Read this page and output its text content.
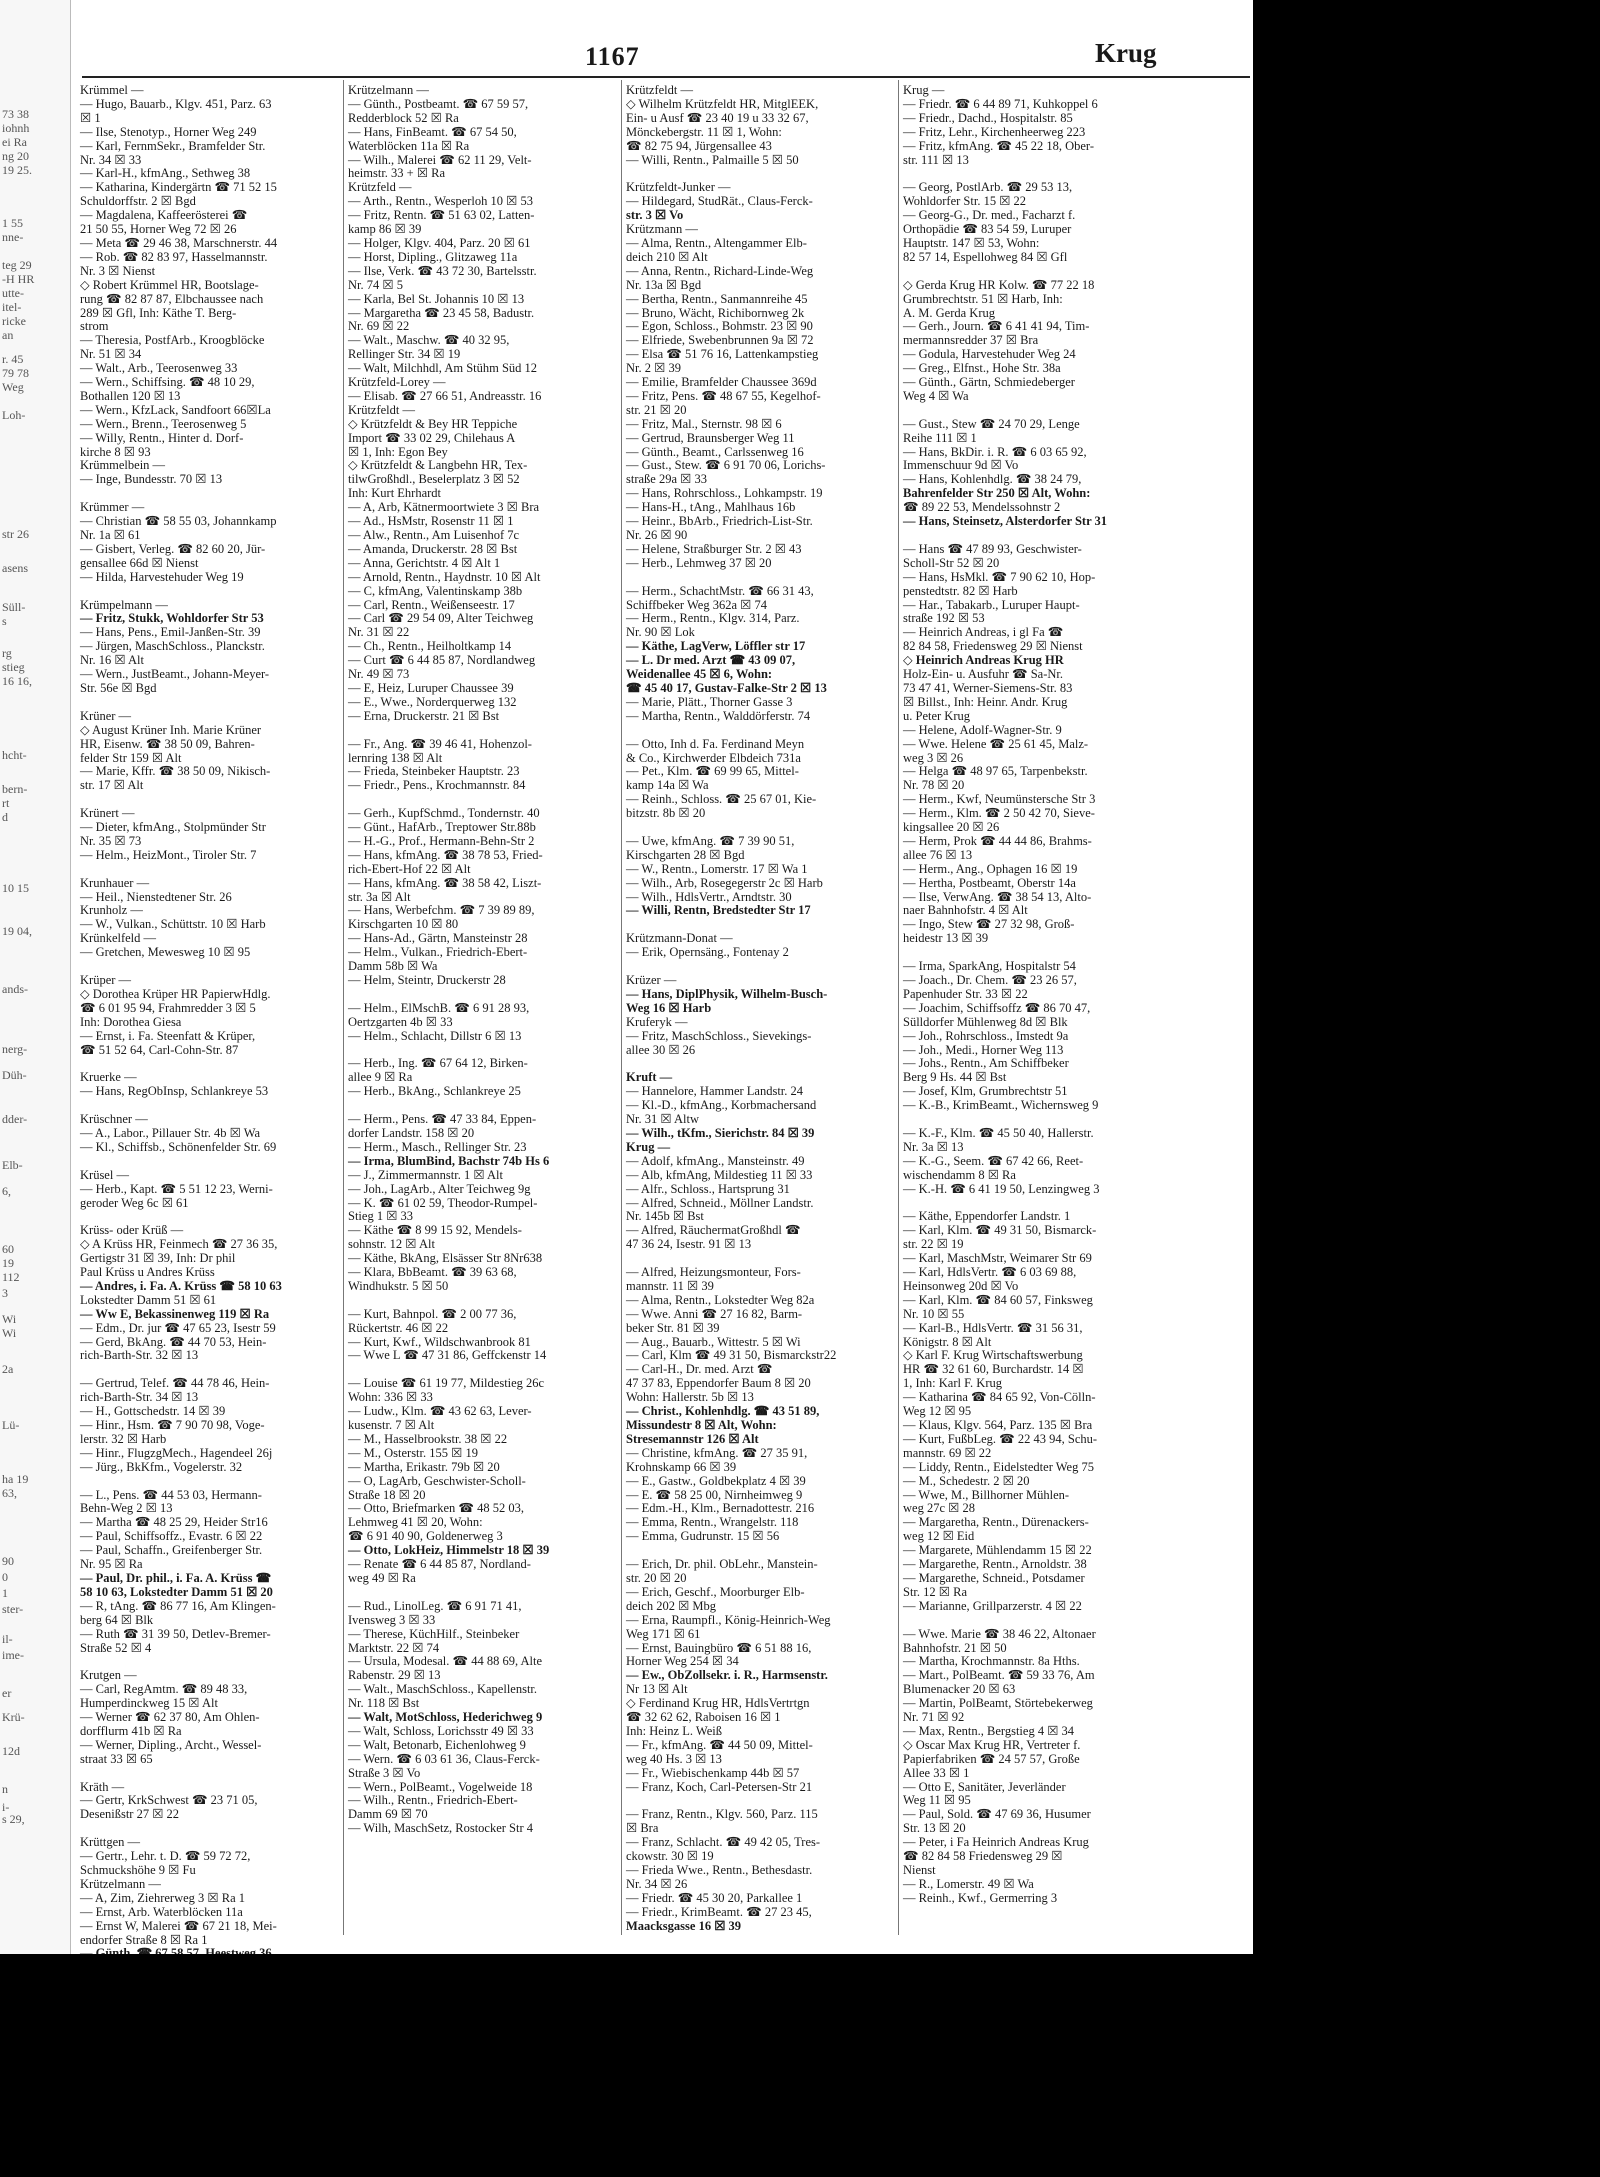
73 38
iohnh
ei Ra
ng 20
19 25.
1 55
nne-
teg 29
-H HR
utte-
itel-
ricke
an
r. 45
79 78
Weg
Loh-
str 26
asens
Süll-
s
rg
stieg
16 16,
hcht-
bern-
rt
d
10 15
19 04,
ands-
nerg-
Düh-
dder-
Elb-
6,
60
19
112
3
Wi
Wi
2a
Lü-
ha 19
63,
90
0
1
ster-
il-
ime-
er
Krü-
12d
n
i-
s 29,
1167	Krug
Krümmel —
— Hugo, Bauarb., Klgv. 451, Parz. 63
☒ 1
— Ilse, Stenotyp., Horner Weg 249
— Karl, FernmSekr., Bramfelder Str.
Nr. 34 ☒ 33
— Karl-H., kfmAng., Sethweg 38
— Katharina, Kindergärtn ☎ 71 52 15
Schuldorffstr. 2 ☒ Bgd
— Magdalena, Kaffeerösterei ☎
21 50 55, Horner Weg 72 ☒ 26
— Meta ☎ 29 46 38, Marschnerstr. 44
— Rob. ☎ 82 83 97, Hasselmannstr.
Nr. 3 ☒ Nienst
◇ Robert Krümmel HR, Bootslage-
rung ☎ 82 87 87, Elbchaussee nach
289 ☒ Gfl, Inh: Käthe T. Berg-
strom
— Theresia, PostfArb., Kroogblöcke
Nr. 51 ☒ 34
— Walt., Arb., Teerosenweg 33
— Wern., Schiffsing. ☎ 48 10 29,
Bothallen 120 ☒ 13
— Wern., KfzLack, Sandfoort 66☒La
— Wern., Brenn., Teerosenweg 5
— Willy, Rentn., Hinter d. Dorf-
kirche 8 ☒ 93
Krümmelbein —
— Inge, Bundesstr. 70 ☒ 13

Krümmer —
— Christian ☎ 58 55 03, Johannkamp
Nr. 1a ☒ 61
— Gisbert, Verleg. ☎ 82 60 20, Jür-
gensallee 66d ☒ Nienst
— Hilda, Harvestehuder Weg 19

Krümpelmann —
— Fritz, Stukk, Wohldorfer Str 53
— Hans, Pens., Emil-Janßen-Str. 39
— Jürgen, MaschSchloss., Planckstr.
Nr. 16 ☒ Alt
— Wern., JustBeamt., Johann-Meyer-
Str. 56e ☒ Bgd

Krüner —
◇ August Krüner Inh. Marie Krüner
HR, Eisenw. ☎ 38 50 09, Bahren-
felder Str 159 ☒ Alt
— Marie, Kffr. ☎ 38 50 09, Nikisch-
str. 17 ☒ Alt

Krünert —
— Dieter, kfmAng., Stolpmünder Str
Nr. 35 ☒ 73
— Helm., HeizMont., Tiroler Str. 7

Krunhauer —
— Heil., Nienstedtener Str. 26
Krunholz —
— W., Vulkan., Schüttstr. 10 ☒ Harb
Krünkelfeld —
— Gretchen, Mewesweg 10 ☒ 95

Krüper —
◇ Dorothea Krüper HR PapierwHdlg.
☎ 6 01 95 94, Frahmredder 3 ☒ 5
Inh: Dorothea Giesa
— Ernst, i. Fa. Steenfatt & Krüper,
☎ 51 52 64, Carl-Cohn-Str. 87

Kruerke —
— Hans, RegObInsp, Schlankreye 53

Krüschner —
— A., Labor., Pillauer Str. 4b ☒ Wa
— Kl., Schiffsb., Schönenfelder Str. 69

Krüsel —
— Herb., Kapt. ☎ 5 51 12 23, Werni-
geroder Weg 6c ☒ 61

Krüss- oder Krüß —
◇ A Krüss HR, Feinmech ☎ 27 36 35,
Gertigstr 31 ☒ 39, Inh: Dr phil
Paul Krüss u Andres Krüss
— Andres, i. Fa. A. Krüss ☎ 58 10 63
Lokstedter Damm 51 ☒ 61
— Ww E, Bekassinenweg 119 ☒ Ra
— Edm., Dr. jur ☎ 47 65 23, Isestr 59
— Gerd, BkAng. ☎ 44 70 53, Hein-
rich-Barth-Str. 32 ☒ 13

— Gertrud, Telef. ☎ 44 78 46, Hein-
rich-Barth-Str. 34 ☒ 13
— H., Gottschedstr. 14 ☒ 39
— Hinr., Hsm. ☎ 7 90 70 98, Voge-
lerstr. 32 ☒ Harb
— Hinr., FlugzgMech., Hagendeel 26j
— Jürg., BkKfm., Vogelerstr. 32

— L., Pens. ☎ 44 53 03, Hermann-
Behn-Weg 2 ☒ 13
— Martha ☎ 48 25 29, Heider Str16
— Paul, Schiffsoffz., Evastr. 6 ☒ 22
— Paul, Schaffn., Greifenberger Str.
Nr. 95 ☒ Ra
— Paul, Dr. phil., i. Fa. A. Krüss ☎
58 10 63, Lokstedter Damm 51 ☒ 20
— R, tAng. ☎ 86 77 16, Am Klingen-
berg 64 ☒ Blk
— Ruth ☎ 31 39 50, Detlev-Bremer-
Straße 52 ☒ 4

Krutgen —
— Carl, RegAmtm. ☎ 89 48 33,
Humperdinckweg 15 ☒ Alt
— Werner ☎ 62 37 80, Am Ohlen-
dorfflurm 41b ☒ Ra
— Werner, Dipling., Archt., Wessel-
straat 33 ☒ 65

Kräth —
— Gertr, KrkSchwest ☎ 23 71 05,
Desenißstr 27 ☒ 22

Krüttgen —
— Gertr., Lehr. t. D. ☎ 59 72 72,
Schmuckshöhe 9 ☒ Fu
Krützelmann —
— A, Zim, Ziehrerweg 3 ☒ Ra 1
— Ernst, Arb. Waterblöcken 11a
— Ernst W, Malerei ☎ 67 21 18, Mei-
endorfer Straße 8 ☒ Ra 1
Krützelmann —
— Günth., Postbeamt. ☎ 67 59 57,
Redderblock 52 ☒ Ra
— Hans, FinBeamt. ☎ 67 54 50,
Waterblöcken 11a ☒ Ra
— Wilh., Malerei ☎ 62 11 29, Velt-
heimstr. 33 + ☒ Ra
Krützfeld —
— Arth., Rentn., Wesperloh 10 ☒ 53
— Fritz, Rentn. ☎ 51 63 02, Latten-
kamp 86 ☒ 39
— Holger, Klgv. 404, Parz. 20 ☒ 61
— Horst, Dipling., Glitzaweg 11a
— Ilse, Verk. ☎ 43 72 30, Bartelsstr.
Nr. 74 ☒ 5
— Karla, Bel St. Johannis 10 ☒ 13
— Margaretha ☎ 23 45 58, Badustr.
Nr. 69 ☒ 22
— Walt., Maschw. ☎ 40 32 95,
Rellinger Str. 34 ☒ 19
— Walt, Milchhdl, Am Stühm Süd 12
Krützfeld-Lorey —
— Elisab. ☎ 27 66 51, Andreasstr. 16
Krützfeldt —
◇ Krützfeldt & Bey HR Teppiche
Import ☎ 33 02 29, Chilehaus A
☒ 1, Inh: Egon Bey
◇ Krützfeldt & Langbehn HR, Tex-
tilwGroßhdl., Beselerplatz 3 ☒ 52
Inh: Kurt Ehrhardt
— A, Arb, Kätnermoortwiete 3 ☒ Bra
— Ad., HsMstr, Rosenstr 11 ☒ 1
— Alw., Rentn., Am Luisenhof 7c
— Amanda, Druckerstr. 28 ☒ Bst
— Anna, Gerichtstr. 4 ☒ Alt 1
— Arnold, Rentn., Haydnstr. 10 ☒ Alt
— C, kfmAng, Valentinskamp 38b
— Carl, Rentn., Weißenseestr. 17
— Carl ☎ 29 54 09, Alter Teichweg
Nr. 31 ☒ 22
— Ch., Rentn., Heilholtkamp 14
— Curt ☎ 6 44 85 87, Nordlandweg
Nr. 49 ☒ 73
— E, Heiz, Luruper Chaussee 39
— E., Wwe., Norderquerweg 132
— Erna, Druckerstr. 21 ☒ Bst

— Fr., Ang. ☎ 39 46 41, Hohenzol-
lernring 138 ☒ Alt
— Frieda, Steinbeker Hauptstr. 23
— Friedr., Pens., Krochmannstr. 84

— Gerh., KupfSchmd., Tondernstr. 40
— Günt., HafArb., Treptower Str.88b
— H.-G., Prof., Hermann-Behn-Str 2
— Hans, kfmAng. ☎ 38 78 53, Fried-
rich-Ebert-Hof 22 ☒ Alt
— Hans, kfmAng. ☎ 38 58 42, Liszt-
str. 3a ☒ Alt
— Hans, Werbefchm. ☎ 7 39 89 89,
Kirschgarten 10 ☒ 80
— Hans-Ad., Gärtn, Mansteinstr 28
— Helm., Vulkan., Friedrich-Ebert-
Damm 58b ☒ Wa
— Helm, Steintr, Druckerstr 28

— Helm., ElMschB. ☎ 6 91 28 93,
Oertzgarten 4b ☒ 33
— Helm., Schlacht, Dillstr 6 ☒ 13

— Herb., Ing. ☎ 67 64 12, Birken-
allee 9 ☒ Ra
— Herb., BkAng., Schlankreye 25

— Herm., Pens. ☎ 47 33 84, Eppen-
dorfer Landstr. 158 ☒ 20
— Herm., Masch., Rellinger Str. 23
— Irma, BlumBind, Bachstr 74b Hs 6
— J., Zimmermannstr. 1 ☒ Alt
— Joh., LagArb., Alter Teichweg 9g
— K. ☎ 61 02 59, Theodor-Rumpel-
Stieg 1 ☒ 33
— Käthe ☎ 8 99 15 92, Mendels-
sohnstr. 12 ☒ Alt
— Käthe, BkAng, Elsässer Str 8Nr638
— Klara, BbBeamt. ☎ 39 63 68,
Windhukstr. 5 ☒ 50

— Kurt, Bahnpol. ☎ 2 00 77 36,
Rückertstr. 46 ☒ 22
— Kurt, Kwf., Wildschwanbrook 81
— Wwe L ☎ 47 31 86, Geffckenstr 14

— Louise ☎ 61 19 77, Mildestieg 26c
Wohn: 336 ☒ 33
— Ludw., Klm. ☎ 43 62 63, Lever-
kusenstr. 7 ☒ Alt
— M., Hasselbrookstr. 38 ☒ 22
— M., Osterstr. 155 ☒ 19
— Martha, Erikastr. 79b ☒ 20
— O, LagArb, Geschwister-Scholl-
Straße 18 ☒ 20
— Otto, Briefmarken ☎ 48 52 03,
Lehmweg 41 ☒ 20, Wohn:
☎ 6 91 40 90, Goldenerweg 3
— Otto, LokHeiz, Himmelstr 18 ☒ 39
— Renate ☎ 6 44 85 87, Nordland-
weg 49 ☒ Ra

— Rud., LinolLeg. ☎ 6 91 71 41,
Ivensweg 3 ☒ 33
— Therese, KüchHilf., Steinbeker
Marktstr. 22 ☒ 74
— Ursula, Modesal. ☎ 44 88 69, Alte
Rabenstr. 29 ☒ 13
— Walt., MaschSchloss., Kapellenstr.
Nr. 118 ☒ Bst
— Walt, MotSchloss, Hederichweg 9
— Walt, Schloss, Lorichsstr 49 ☒ 33
— Walt, Betonarb, Eichenlohweg 9
— Wern. ☎ 6 03 61 36, Claus-Ferck-
Straße 3 ☒ Vo
— Wern., PolBeamt., Vogelweide 18
— Wilh., Rentn., Friedrich-Ebert-
Damm 69 ☒ 70
— Wilh, MaschSetz, Rostocker Str 4
Krützfeldt —
◇ Wilhelm Krützfeldt HR, MitglEEK,
Ein- u Ausf ☎ 23 40 19 u 33 32 67,
Mönckebergstr. 11 ☒ 1, Wohn:
☎ 82 75 94, Jürgensallee 43
— Willi, Rentn., Palmaille 5 ☒ 50

Krützfeldt-Junker —
— Hildegard, StudRät., Claus-Ferck-
str. 3 ☒ Vo
Krützmann —
— Alma, Rentn., Altengammer Elb-
deich 210 ☒ Alt
— Anna, Rentn., Richard-Linde-Weg
Nr. 13a ☒ Bgd
— Bertha, Rentn., Sanmannreihe 45
— Bruno, Wächt, Richibornweg 2k
— Egon, Schloss., Bohmstr. 23 ☒ 90
— Elfriede, Swebenbrunnen 9a ☒ 72
— Elsa ☎ 51 76 16, Lattenkampstieg
Nr. 2 ☒ 39
— Emilie, Bramfelder Chaussee 369d
— Fritz, Pens. ☎ 48 67 55, Kegelhof-
str. 21 ☒ 20
— Fritz, Mal., Sternstr. 98 ☒ 6
— Gertrud, Braunsberger Weg 11
— Günth., Beamt., Carlssenweg 16
— Gust., Stew. ☎ 6 91 70 06, Lorichs-
straße 29a ☒ 33
— Hans, Rohrschloss., Lohkampstr. 19
— Hans-H., tAng., Mahlhaus 16b
— Heinr., BbArb., Friedrich-List-Str.
Nr. 26 ☒ 90
— Helene, Straßburger Str. 2 ☒ 43
— Herb., Lehmweg 37 ☒ 20

— Herm., SchachtMstr. ☎ 66 31 43,
Schiffbeker Weg 362a ☒ 74
— Herm., Rentn., Klgv. 314, Parz.
Nr. 90 ☒ Lok
— Käthe, LagVerw, Löffler str 17
— L. Dr med. Arzt ☎ 43 09 07,
Weidenallee 45 ☒ 6, Wohn:
☎ 45 40 17, Gustav-Falke-Str 2 ☒ 13
— Marie, Plätt., Thorner Gasse 3
— Martha, Rentn., Walddörferstr. 74

— Otto, Inh d. Fa. Ferdinand Meyn
& Co., Kirchwerder Elbdeich 731a
— Pet., Klm. ☎ 69 99 65, Mittel-
kamp 14a ☒ Wa
— Reinh., Schloss. ☎ 25 67 01, Kie-
bitzstr. 8b ☒ 20

— Uwe, kfmAng. ☎ 7 39 90 51,
Kirschgarten 28 ☒ Bgd
— W., Rentn., Lomerstr. 17 ☒ Wa 1
— Wilh., Arb, Rosegegerstr 2c ☒ Harb
— Wilh., HdlsVertr., Arndtstr. 30
— Willi, Rentn, Bredstedter Str 17

Krützmann-Donat —
— Erik, Opernsäng., Fontenay 2

Krüzer —
— Hans, DiplPhysik, Wilhelm-Busch-
Weg 16 ☒ Harb
Kruferyk —
— Fritz, MaschSchloss., Sievekings-
allee 30 ☒ 26

Kruft —
— Hannelore, Hammer Landstr. 24
— Kl.-D., kfmAng., Korbmachersand
Nr. 31 ☒ Altw
— Wilh., tKfm., Sierichstr. 84 ☒ 39
Krug —
— Adolf, kfmAng., Mansteinstr. 49
— Alb, kfmAng, Mildestieg 11 ☒ 33
— Alfr., Schloss., Hartsprung 31
— Alfred, Schneid., Möllner Landstr.
Nr. 145b ☒ Bst
— Alfred, RäuchermatGroßhdl ☎
47 36 24, Isestr. 91 ☒ 13

— Alfred, Heizungsmonteur, Fors-
mannstr. 11 ☒ 39
— Alma, Rentn., Lokstedter Weg 82a
— Wwe. Anni ☎ 27 16 82, Barm-
beker Str. 81 ☒ 39
— Aug., Bauarb., Wittestr. 5 ☒ Wi
— Carl, Klm ☎ 49 31 50, Bismarckstr22
— Carl-H., Dr. med. Arzt ☎
47 37 83, Eppendorfer Baum 8 ☒ 20
Wohn: Hallerstr. 5b ☒ 13
— Christ., Kohlenhdlg. ☎ 43 51 89,
Missundestr 8 ☒ Alt, Wohn:
Stresemannstr 126 ☒ Alt
— Christine, kfmAng. ☎ 27 35 91,
Krohnskamp 66 ☒ 39
— E., Gastw., Goldbekplatz 4 ☒ 39
— E. ☎ 58 25 00, Nirnheimweg 9
— Edm.-H., Klm., Bernadottestr. 216
— Emma, Rentn., Wrangelstr. 118
— Emma, Gudrunstr. 15 ☒ 56

— Erich, Dr. phil. ObLehr., Manstein-
str. 20 ☒ 20
— Erich, Geschf., Moorburger Elb-
deich 202 ☒ Mbg
— Erna, Raumpfl., König-Heinrich-Weg
Weg 171 ☒ 61
— Ernst, Bauingbüro ☎ 6 51 88 16,
Horner Weg 254 ☒ 34
— Ew., ObZollsekr. i. R., Harmsenstr.
Nr 13 ☒ Alt
◇ Ferdinand Krug HR, HdlsVertrtgn
☎ 32 62 62, Raboisen 16 ☒ 1
Inh: Heinz L. Weiß
— Fr., kfmAng. ☎ 44 50 09, Mittel-
weg 40 Hs. 3 ☒ 13
— Fr., Wiebischenkamp 44b ☒ 57
— Franz, Koch, Carl-Petersen-Str 21

— Franz, Rentn., Klgv. 560, Parz. 115
☒ Bra
— Franz, Schlacht. ☎ 49 42 05, Tres-
ckowstr. 30 ☒ 19
— Frieda Wwe., Rentn., Bethesdastr.
Nr. 34 ☒ 26
— Friedr. ☎ 45 30 20, Parkallee 1
— Friedr., KrimBeamt. ☎ 27 23 45,
Maacksgasse 16 ☒ 39
Krug —
— Friedr. ☎ 6 44 89 71, Kuhkoppel 6
— Friedr., Dachd., Hospitalstr. 85
— Fritz, Lehr., Kirchenheerweg 223
— Fritz, kfmAng. ☎ 45 22 18, Ober-
str. 111 ☒ 13

— Georg, PostlArb. ☎ 29 53 13,
Wohldorfer Str. 15 ☒ 22
— Georg-G., Dr. med., Facharzt f.
Orthopädie ☎ 83 54 59, Luruper
Hauptstr. 147 ☒ 53, Wohn:
82 57 14, Espellohweg 84 ☒ Gfl

◇ Gerda Krug HR Kolw. ☎ 77 22 18
Grumbrechtstr. 51 ☒ Harb, Inh:
A. M. Gerda Krug
— Gerh., Journ. ☎ 6 41 41 94, Tim-
mermannsredder 37 ☒ Bra
— Godula, Harvestehuder Weg 24
— Greg., Elfnst., Hohe Str. 38a
— Günth., Gärtn, Schmiedeberger
Weg 4 ☒ Wa

— Gust., Stew ☎ 24 70 29, Lenge
Reihe 111 ☒ 1
— Hans, BkDir. i. R. ☎ 6 03 65 92,
Immenschuur 9d ☒ Vo
— Hans, Kohlenhdlg. ☎ 38 24 79,
Bahrenfelder Str 250 ☒ Alt, Wohn:
☎ 89 22 53, Mendelssohnstr 2
— Hans, Steinsetz, Alsterdorfer Str 31

— Hans ☎ 47 89 93, Geschwister-
Scholl-Str 52 ☒ 20
— Hans, HsMkl. ☎ 7 90 62 10, Hop-
penstedtstr. 82 ☒ Harb
— Har., Tabakarb., Luruper Haupt-
straße 192 ☒ 53
— Heinrich Andreas, i gl Fa ☎
82 84 58, Friedensweg 29 ☒ Nienst
◇ Heinrich Andreas Krug HR
Holz-Ein- u. Ausfuhr ☎ Sa-Nr.
73 47 41, Werner-Siemens-Str. 83
☒ Billst., Inh: Heinr. Andr. Krug
u. Peter Krug
— Helene, Adolf-Wagner-Str. 9
— Wwe. Helene ☎ 25 61 45, Malz-
weg 3 ☒ 26
— Helga ☎ 48 97 65, Tarpenbekstr.
Nr. 78 ☒ 20
— Herm., Kwf, Neumünstersche Str 3
— Herm., Klm. ☎ 2 50 42 70, Sieve-
kingsallee 20 ☒ 26
— Herm, Prok ☎ 44 44 86, Brahms-
allee 76 ☒ 13
— Herm., Ang., Ophagen 16 ☒ 19
— Hertha, Postbeamt, Oberstr 14a
— Ilse, VerwAng. ☎ 38 54 13, Alto-
naer Bahnhofstr. 4 ☒ Alt
— Ingo, Stew ☎ 27 32 98, Groß-
heidestr 13 ☒ 39

— Irma, SparkAng, Hospitalstr 54
— Joach., Dr. Chem. ☎ 23 26 57,
Papenhuder Str. 33 ☒ 22
— Joachim, Schiffsoffz ☎ 86 70 47,
Sülldorfer Mühlenweg 8d ☒ Blk
— Joh., Rohrschloss., Imstedt 9a
— Joh., Medi., Horner Weg 113
— Johs., Rentn., Am Schiffbeker
Berg 9 Hs. 44 ☒ Bst
— Josef, Klm, Grumbrechtstr 51
— K.-B., KrimBeamt., Wichernsweg 9

— K.-F., Klm. ☎ 45 50 40, Hallerstr.
Nr. 3a ☒ 13
— K.-G., Seem. ☎ 67 42 66, Reet-
wischendamm 8 ☒ Ra
— K.-H. ☎ 6 41 19 50, Lenzingweg 3

— Käthe, Eppendorfer Landstr. 1
— Karl, Klm. ☎ 49 31 50, Bismarck-
str. 22 ☒ 19
— Karl, MaschMstr, Weimarer Str 69
— Karl, HdlsVertr. ☎ 6 03 69 88,
Heinsonweg 20d ☒ Vo
— Karl, Klm. ☎ 84 60 57, Finksweg
Nr. 10 ☒ 55
— Karl-B., HdlsVertr. ☎ 31 56 31,
Königstr. 8 ☒ Alt
◇ Karl F. Krug Wirtschaftswerbung
HR ☎ 32 61 60, Burchardstr. 14 ☒
1, Inh: Karl F. Krug
— Katharina ☎ 84 65 92, Von-Cölln-
Weg 12 ☒ 95
— Klaus, Klgv. 564, Parz. 135 ☒ Bra
— Kurt, FußbLeg. ☎ 22 43 94, Schu-
mannstr. 69 ☒ 22
— Liddy, Rentn., Eidelstedter Weg 75
— M., Schedestr. 2 ☒ 20
— Wwe, M., Billhorner Mühlen-
weg 27c ☒ 28
— Margaretha, Rentn., Dürenackers-
weg 12 ☒ Eid
— Margarete, Mühlendamm 15 ☒ 22
— Margarethe, Rentn., Arnoldstr. 38
— Margarethe, Schneid., Potsdamer
Str. 12 ☒ Ra
— Marianne, Grillparzerstr. 4 ☒ 22

— Wwe. Marie ☎ 38 46 22, Altonaer
Bahnhofstr. 21 ☒ 50
— Martha, Krochmannstr. 8a Hths.
— Mart., PolBeamt. ☎ 59 33 76, Am
Blumenacker 20 ☒ 63
— Martin, PolBeamt, Störtebekerweg
Nr. 71 ☒ 92
— Max, Rentn., Bergstieg 4 ☒ 34
◇ Oscar Max Krug HR, Vertreter f.
Papierfabriken ☎ 24 57 57, Große
Allee 33 ☒ 1
— Otto E, Sanitäter, Jeverländer
Weg 11 ☒ 95
— Paul, Sold. ☎ 47 69 36, Husumer
Str. 13 ☒ 20
— Peter, i Fa Heinrich Andreas Krug
☎ 82 84 58 Friedensweg 29 ☒
Nienst
— R., Lomerstr. 49 ☒ Wa
— Reinh., Kwf., Germerring 3
